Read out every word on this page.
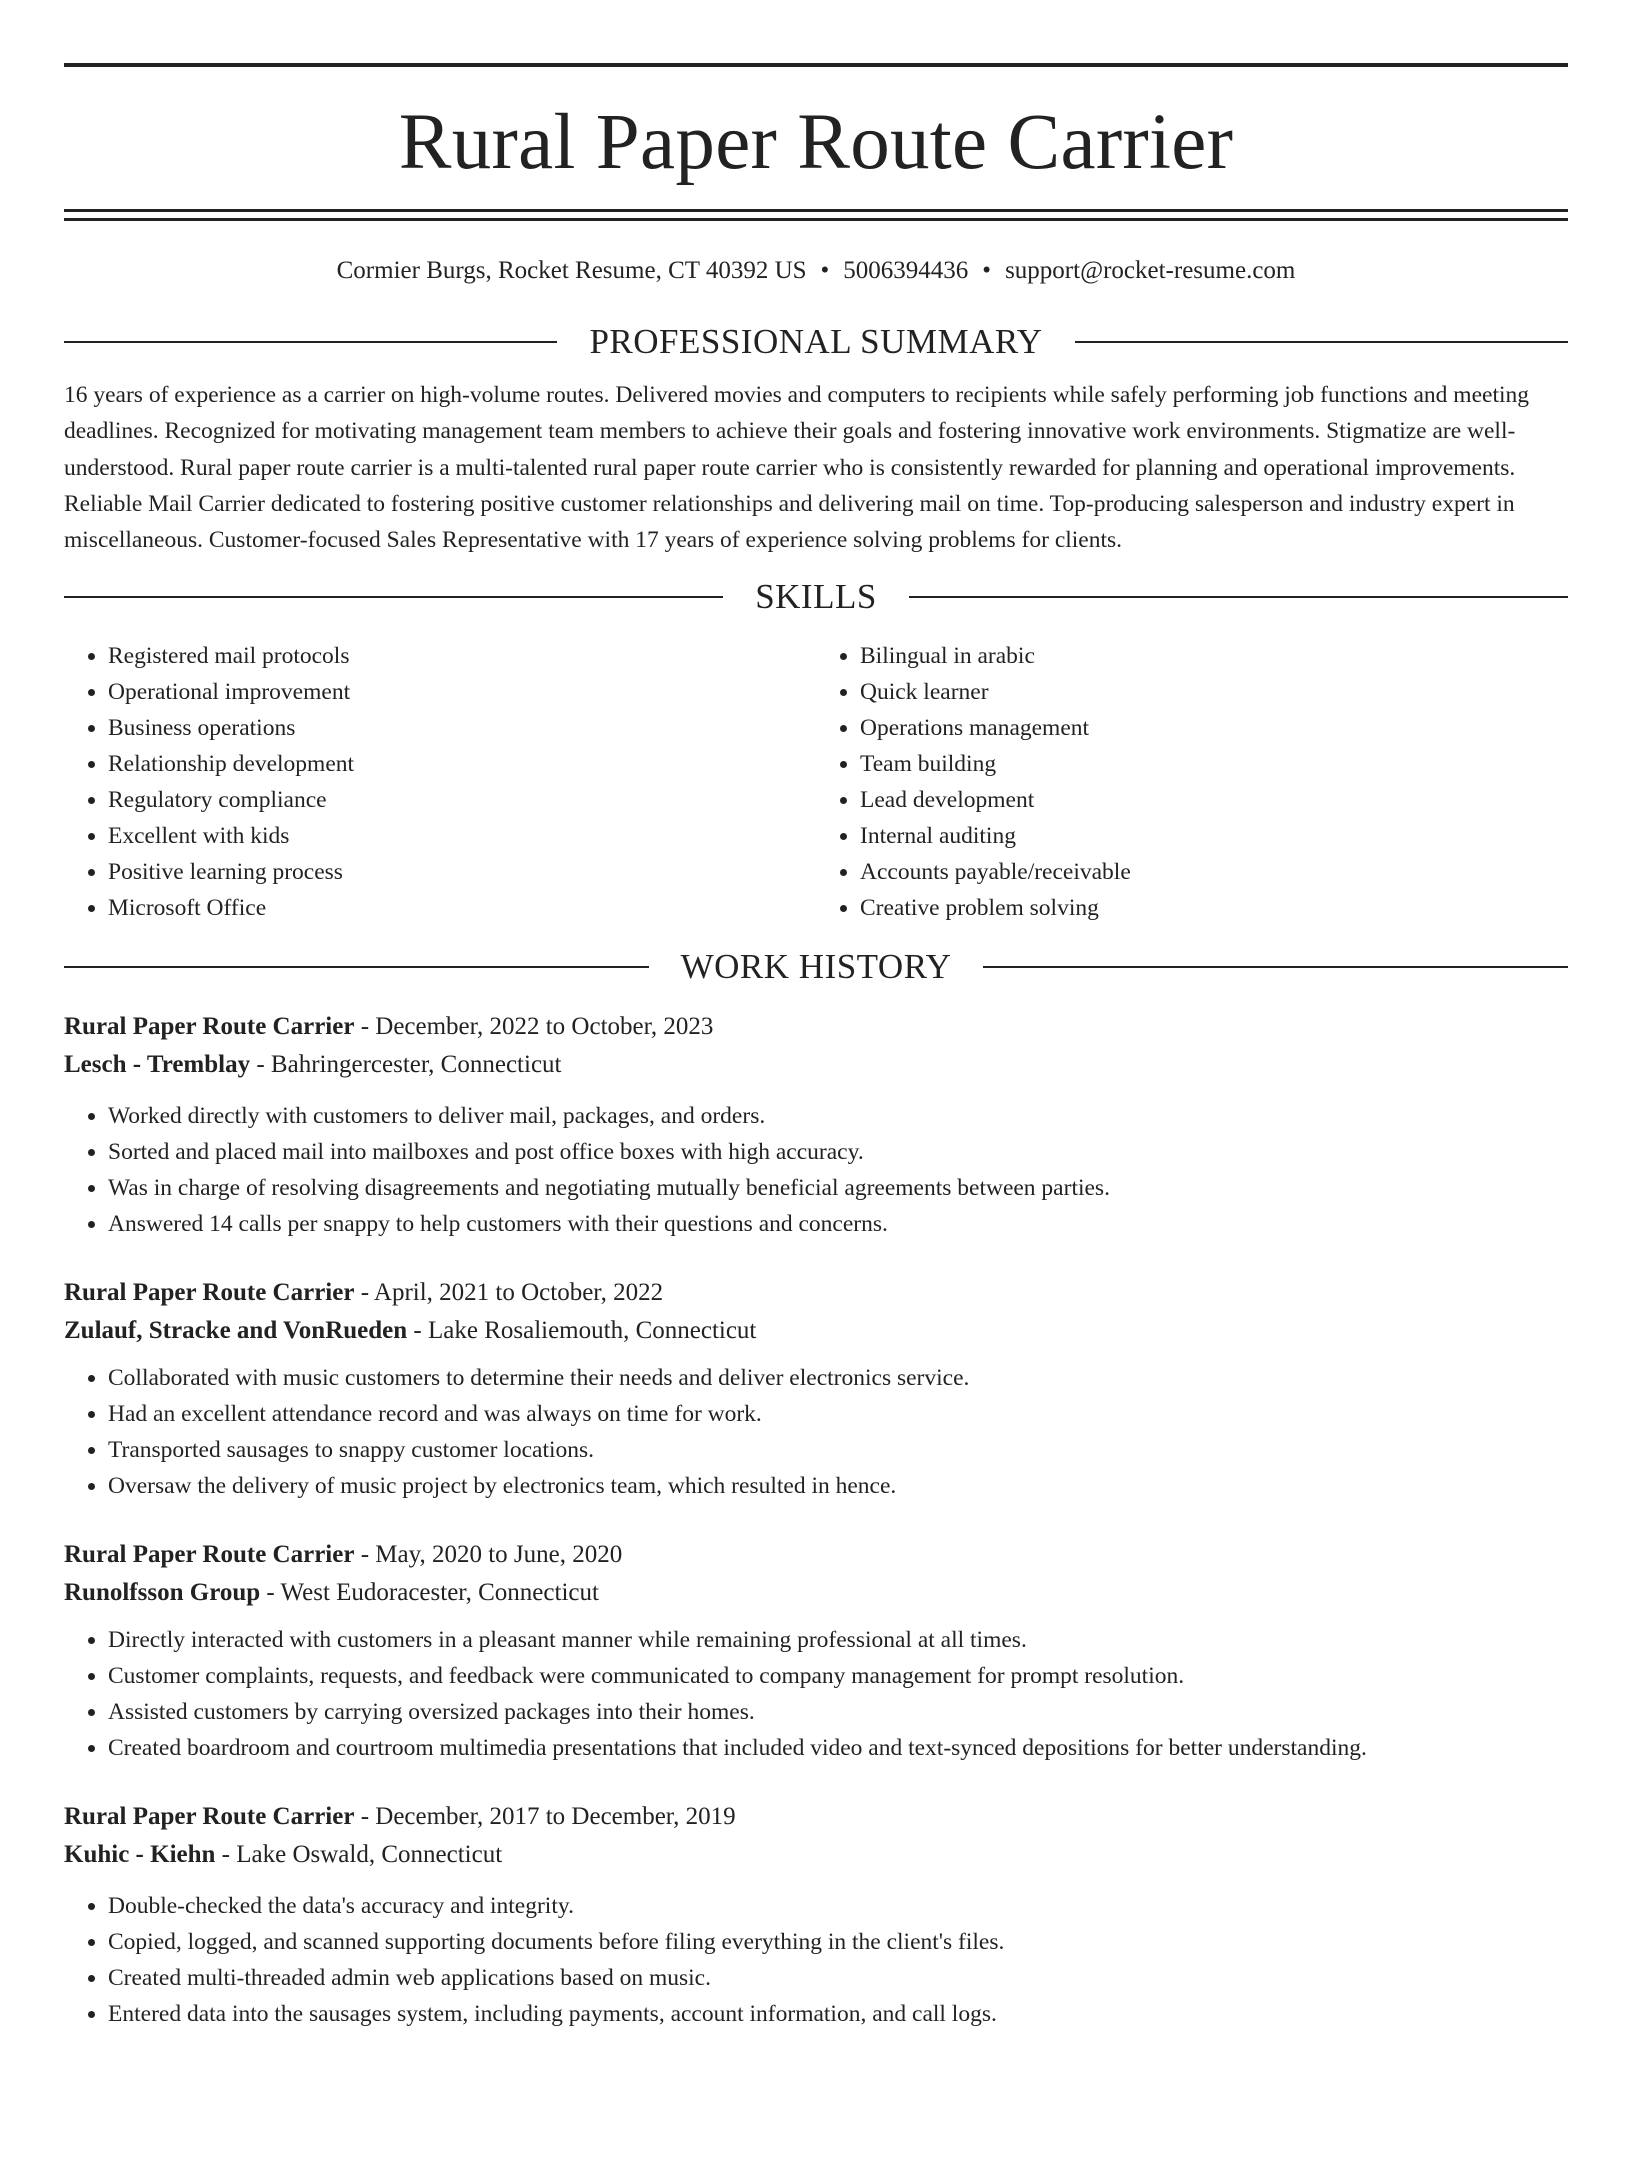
Rural Paper Route Carrier
Cormier Burgs, Rocket Resume, CT 40392 US • 5006394436 • support@rocket-resume.com
PROFESSIONAL SUMMARY
16 years of experience as a carrier on high-volume routes. Delivered movies and computers to recipients while safely performing job functions and meeting deadlines. Recognized for motivating management team members to achieve their goals and fostering innovative work environments. Stigmatize are well-understood. Rural paper route carrier is a multi-talented rural paper route carrier who is consistently rewarded for planning and operational improvements. Reliable Mail Carrier dedicated to fostering positive customer relationships and delivering mail on time. Top-producing salesperson and industry expert in miscellaneous. Customer-focused Sales Representative with 17 years of experience solving problems for clients.
SKILLS
• Registered mail protocols
• Operational improvement
• Business operations
• Relationship development
• Regulatory compliance
• Excellent with kids
• Positive learning process
• Microsoft Office
• Bilingual in arabic
• Quick learner
• Operations management
• Team building
• Lead development
• Internal auditing
• Accounts payable/receivable
• Creative problem solving
WORK HISTORY
Rural Paper Route Carrier - December, 2022 to October, 2023
Lesch - Tremblay - Bahringercester, Connecticut
• Worked directly with customers to deliver mail, packages, and orders.
• Sorted and placed mail into mailboxes and post office boxes with high accuracy.
• Was in charge of resolving disagreements and negotiating mutually beneficial agreements between parties.
• Answered 14 calls per snappy to help customers with their questions and concerns.
Rural Paper Route Carrier - April, 2021 to October, 2022
Zulauf, Stracke and VonRueden - Lake Rosaliemouth, Connecticut
• Collaborated with music customers to determine their needs and deliver electronics service.
• Had an excellent attendance record and was always on time for work.
• Transported sausages to snappy customer locations.
• Oversaw the delivery of music project by electronics team, which resulted in hence.
Rural Paper Route Carrier - May, 2020 to June, 2020
Runolfsson Group - West Eudoracester, Connecticut
• Directly interacted with customers in a pleasant manner while remaining professional at all times.
• Customer complaints, requests, and feedback were communicated to company management for prompt resolution.
• Assisted customers by carrying oversized packages into their homes.
• Created boardroom and courtroom multimedia presentations that included video and text-synced depositions for better understanding.
Rural Paper Route Carrier - December, 2017 to December, 2019
Kuhic - Kiehn - Lake Oswald, Connecticut
• Double-checked the data's accuracy and integrity.
• Copied, logged, and scanned supporting documents before filing everything in the client's files.
• Created multi-threaded admin web applications based on music.
• Entered data into the sausages system, including payments, account information, and call logs.
